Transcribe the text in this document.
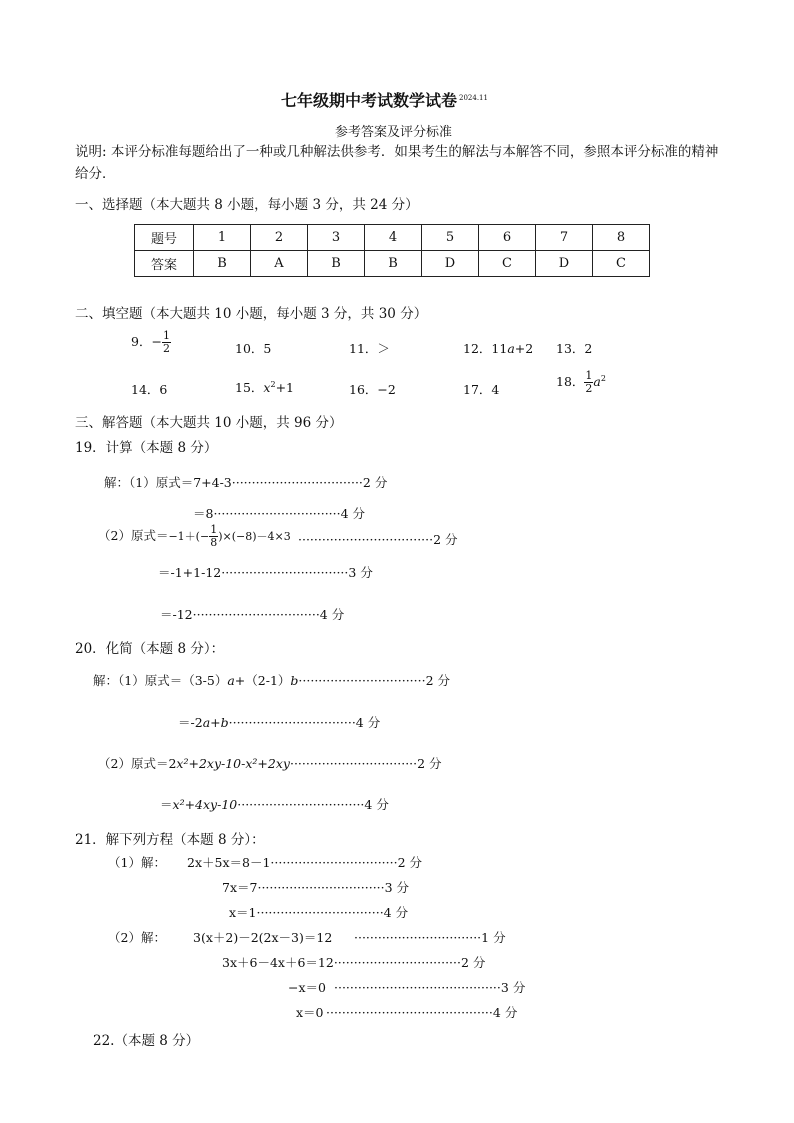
七年级期中考试数学试卷 $^{2024.11}$
参考答案及评分标准
说明: 本评分标准每题给出了一种或几种解法供参考．如果考生的解法与本解答不同，参照本评分标准的精神给分．
一、选择题（本大题共 8 小题，每小题 3 分，共 24 分）
题号	1	2	3	4	5	6	7	8
答案	B	A	B	B	D	C	D	C
二、填空题（本大题共 10 小题，每小题 3 分，共 30 分）
9．− $\frac{1}{2}$	10．5	11．＞	12．11a+2 13．2
14．6	15．$x^2+1$	16．−2	17．4
18． $\frac{1}{2} a^2$
三、解答题（本大题共 10 小题，共 96 分）
19．计算（本题 8 分）
解：（1）原式＝7+4-3·································2 分
＝8································4 分
（2）原式$=-1+(- \frac{1}{8} )\times(-8)-4\times 3 \cdot\cdot\cdot\cdot\cdot\cdot\cdot\cdot\cdot\cdot\cdot\cdot\cdot\cdot\cdot\cdot\cdot\cdot\cdot\cdot\cdot\cdot\cdot\cdot\cdot\cdot\cdot\cdot\cdot\cdot\cdot\cdot\cdot\cdot 2$ 分
＝-1+1-12································3 分
＝-12································4 分
20．化简（本题 8 分）：
解：（1）原式＝（3-5）a+（2-1）b································2 分
＝-2a+b································4 分
（2）原式＝2x²+2xy-10-x²+2xy································2 分
＝x²+4xy-10································4 分
21．解下列方程（本题 8 分）：
（1）解： 2x＋5x＝8－1································2 分
7x＝7································3 分
x＝1································4 分
（2）解： 3(x＋2)－2(2x－3)＝12 ································1 分
3x＋6－4x＋6＝12································2 分
−x＝0 ··········································3 分
x＝0 ··········································4 分
22.（本题 8 分）
